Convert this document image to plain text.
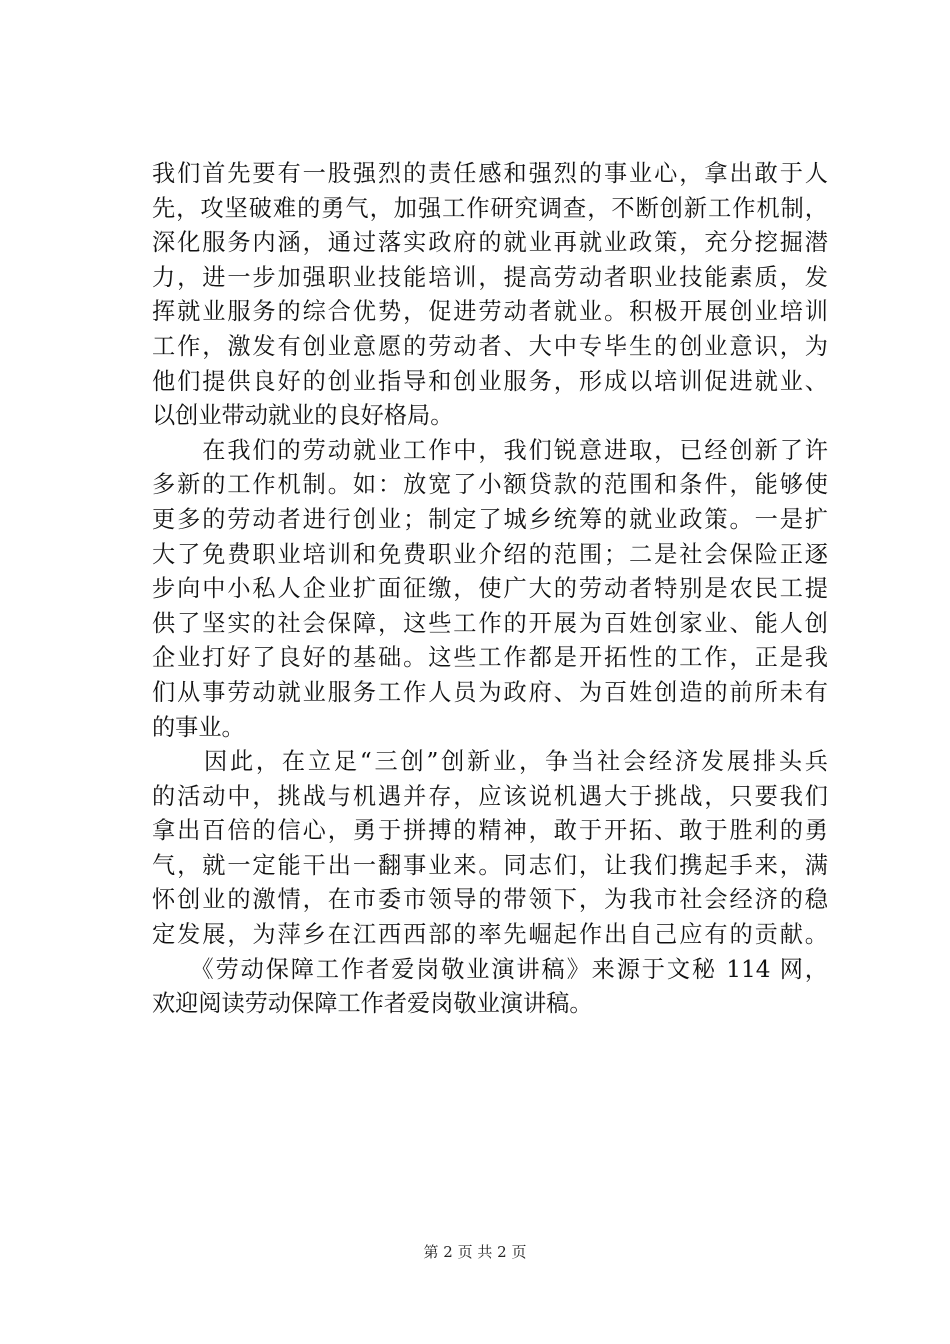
我们首先要有一股强烈的责任感和强烈的事业心，拿出敢于人
先，攻坚破难的勇气，加强工作研究调查，不断创新工作机制，
深化服务内涵，通过落实政府的就业再就业政策，充分挖掘潜
力，进一步加强职业技能培训，提高劳动者职业技能素质，发
挥就业服务的综合优势，促进劳动者就业。积极开展创业培训
工作，激发有创业意愿的劳动者、大中专毕生的创业意识，为
他们提供良好的创业指导和创业服务，形成以培训促进就业、
以创业带动就业的良好格局。
　　在我们的劳动就业工作中，我们锐意进取，已经创新了许
多新的工作机制。如：放宽了小额贷款的范围和条件，能够使
更多的劳动者进行创业；制定了城乡统筹的就业政策。一是扩
大了免费职业培训和免费职业介绍的范围；二是社会保险正逐
步向中小私人企业扩面征缴，使广大的劳动者特别是农民工提
供了坚实的社会保障，这些工作的开展为百姓创家业、能人创
企业打好了良好的基础。这些工作都是开拓性的工作，正是我
们从事劳动就业服务工作人员为政府、为百姓创造的前所未有
的事业。
　　因此，在立足“三创”创新业，争当社会经济发展排头兵
的活动中，挑战与机遇并存，应该说机遇大于挑战，只要我们
拿出百倍的信心，勇于拼搏的精神，敢于开拓、敢于胜利的勇
气，就一定能干出一翻事业来。同志们，让我们携起手来，满
怀创业的激情，在市委市领导的带领下，为我市社会经济的稳
定发展，为萍乡在江西西部的率先崛起作出自己应有的贡献。
　　《劳动保障工作者爱岗敬业演讲稿》来源于文秘 114 网，
欢迎阅读劳动保障工作者爱岗敬业演讲稿。
第 2 页 共 2 页
